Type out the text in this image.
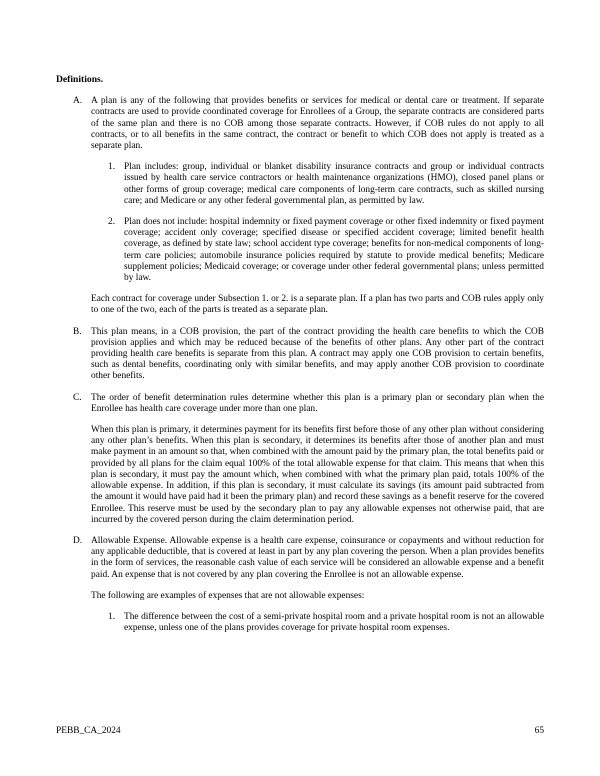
Definitions.
A. A plan is any of the following that provides benefits or services for medical or dental care or treatment. If separate contracts are used to provide coordinated coverage for Enrollees of a Group, the separate contracts are considered parts of the same plan and there is no COB among those separate contracts. However, if COB rules do not apply to all contracts, or to all benefits in the same contract, the contract or benefit to which COB does not apply is treated as a separate plan.
1. Plan includes: group, individual or blanket disability insurance contracts and group or individual contracts issued by health care service contractors or health maintenance organizations (HMO), closed panel plans or other forms of group coverage; medical care components of long-term care contracts, such as skilled nursing care; and Medicare or any other federal governmental plan, as permitted by law.
2. Plan does not include: hospital indemnity or fixed payment coverage or other fixed indemnity or fixed payment coverage; accident only coverage; specified disease or specified accident coverage; limited benefit health coverage, as defined by state law; school accident type coverage; benefits for non-medical components of long-term care policies; automobile insurance policies required by statute to provide medical benefits; Medicare supplement policies; Medicaid coverage; or coverage under other federal governmental plans; unless permitted by law.
Each contract for coverage under Subsection 1. or 2. is a separate plan. If a plan has two parts and COB rules apply only to one of the two, each of the parts is treated as a separate plan.
B. This plan means, in a COB provision, the part of the contract providing the health care benefits to which the COB provision applies and which may be reduced because of the benefits of other plans. Any other part of the contract providing health care benefits is separate from this plan. A contract may apply one COB provision to certain benefits, such as dental benefits, coordinating only with similar benefits, and may apply another COB provision to coordinate other benefits.
C. The order of benefit determination rules determine whether this plan is a primary plan or secondary plan when the Enrollee has health care coverage under more than one plan.
When this plan is primary, it determines payment for its benefits first before those of any other plan without considering any other plan’s benefits. When this plan is secondary, it determines its benefits after those of another plan and must make payment in an amount so that, when combined with the amount paid by the primary plan, the total benefits paid or provided by all plans for the claim equal 100% of the total allowable expense for that claim. This means that when this plan is secondary, it must pay the amount which, when combined with what the primary plan paid, totals 100% of the allowable expense. In addition, if this plan is secondary, it must calculate its savings (its amount paid subtracted from the amount it would have paid had it been the primary plan) and record these savings as a benefit reserve for the covered Enrollee. This reserve must be used by the secondary plan to pay any allowable expenses not otherwise paid, that are incurred by the covered person during the claim determination period.
D. Allowable Expense. Allowable expense is a health care expense, coinsurance or copayments and without reduction for any applicable deductible, that is covered at least in part by any plan covering the person. When a plan provides benefits in the form of services, the reasonable cash value of each service will be considered an allowable expense and a benefit paid. An expense that is not covered by any plan covering the Enrollee is not an allowable expense.
The following are examples of expenses that are not allowable expenses:
1. The difference between the cost of a semi-private hospital room and a private hospital room is not an allowable expense, unless one of the plans provides coverage for private hospital room expenses.
PEBB_CA_2024	65
